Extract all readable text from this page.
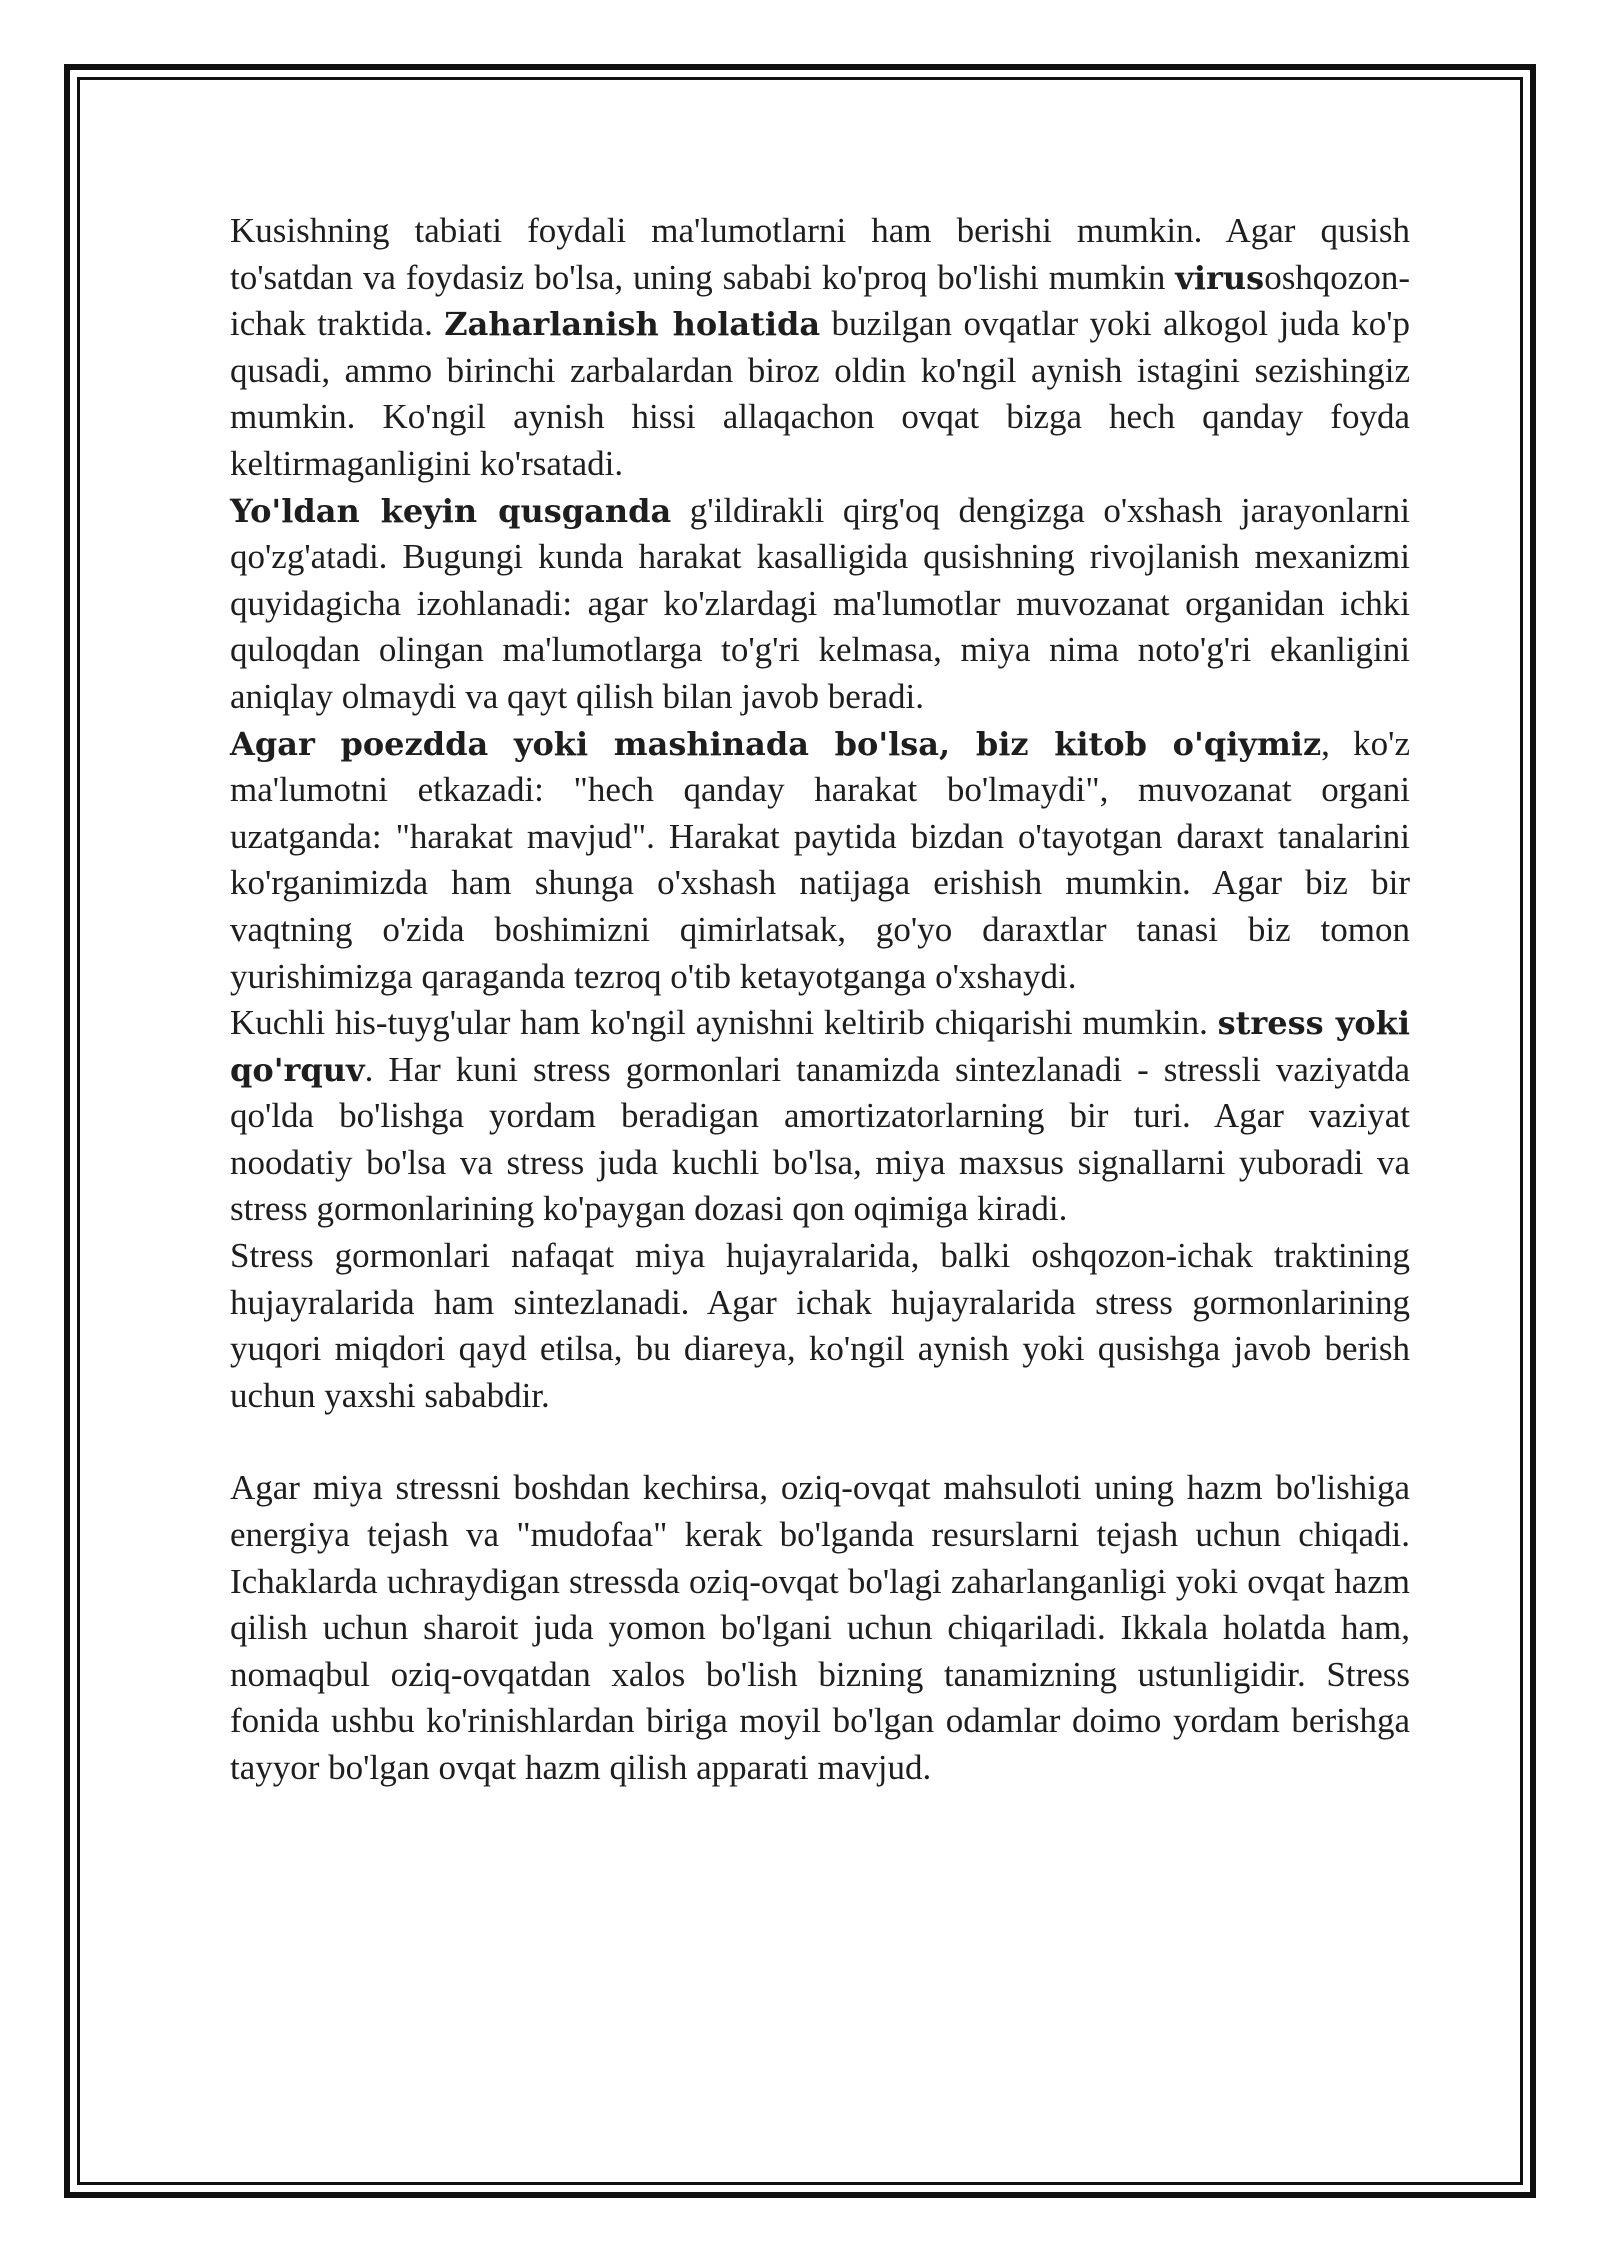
Kusishning tabiati foydali ma'lumotlarni ham berishi mumkin. Agar qusish to'satdan va foydasiz bo'lsa, uning sababi ko'proq bo'lishi mumkin virusoshqozon-ichak traktida. Zaharlanish holatida buzilgan ovqatlar yoki alkogol juda ko'p qusadi, ammo birinchi zarbalardan biroz oldin ko'ngil aynish istagini sezishingiz mumkin. Ko'ngil aynish hissi allaqachon ovqat bizga hech qanday foyda keltirmaganligini ko'rsatadi.

Yo'ldan keyin qusganda g'ildirakli qirg'oq dengizga o'xshash jarayonlarni qo'zg'atadi. Bugungi kunda harakat kasalligida qusishning rivojlanish mexanizmi quyidagicha izohlanadi: agar ko'zlardagi ma'lumotlar muvozanat organidan ichki quloqdan olingan ma'lumotlarga to'g'ri kelmasa, miya nima noto'g'ri ekanligini aniqlay olmaydi va qayt qilish bilan javob beradi.

Agar poezdda yoki mashinada bo'lsa, biz kitob o'qiymiz, ko'z ma'lumotni etkazadi: "hech qanday harakat bo'lmaydi", muvozanat organi uzatganda: "harakat mavjud". Harakat paytida bizdan o'tayotgan daraxt tanalarini ko'rganimizda ham shunga o'xshash natijaga erishish mumkin. Agar biz bir vaqtning o'zida boshimizni qimirlatsak, go'yo daraxtlar tanasi biz tomon yurishimizga qaraganda tezroq o'tib ketayotganga o'xshaydi.

Kuchli his-tuyg'ular ham ko'ngil aynishni keltirib chiqarishi mumkin. stress yoki qo'rquv. Har kuni stress gormonlari tanamizda sintezlanadi - stressli vaziyatda qo'lda bo'lishga yordam beradigan amortizatorlarning bir turi. Agar vaziyat noodatiy bo'lsa va stress juda kuchli bo'lsa, miya maxsus signallarni yuboradi va stress gormonlarining ko'paygan dozasi qon oqimiga kiradi.

Stress gormonlari nafaqat miya hujayralarida, balki oshqozon-ichak traktining hujayralarida ham sintezlanadi. Agar ichak hujayralarida stress gormonlarining yuqori miqdori qayd etilsa, bu diareya, ko'ngil aynish yoki qusishga javob berish uchun yaxshi sababdir.

Agar miya stressni boshdan kechirsa, oziq-ovqat mahsuloti uning hazm bo'lishiga energiya tejash va "mudofaa" kerak bo'lganda resurslarni tejash uchun chiqadi. Ichaklarda uchraydigan stressda oziq-ovqat bo'lagi zaharlanganligi yoki ovqat hazm qilish uchun sharoit juda yomon bo'lgani uchun chiqariladi. Ikkala holatda ham, nomaqbul oziq-ovqatdan xalos bo'lish bizning tanamizning ustunligidir. Stress fonida ushbu ko'rinishlardan biriga moyil bo'lgan odamlar doimo yordam berishga tayyor bo'lgan ovqat hazm qilish apparati mavjud.
